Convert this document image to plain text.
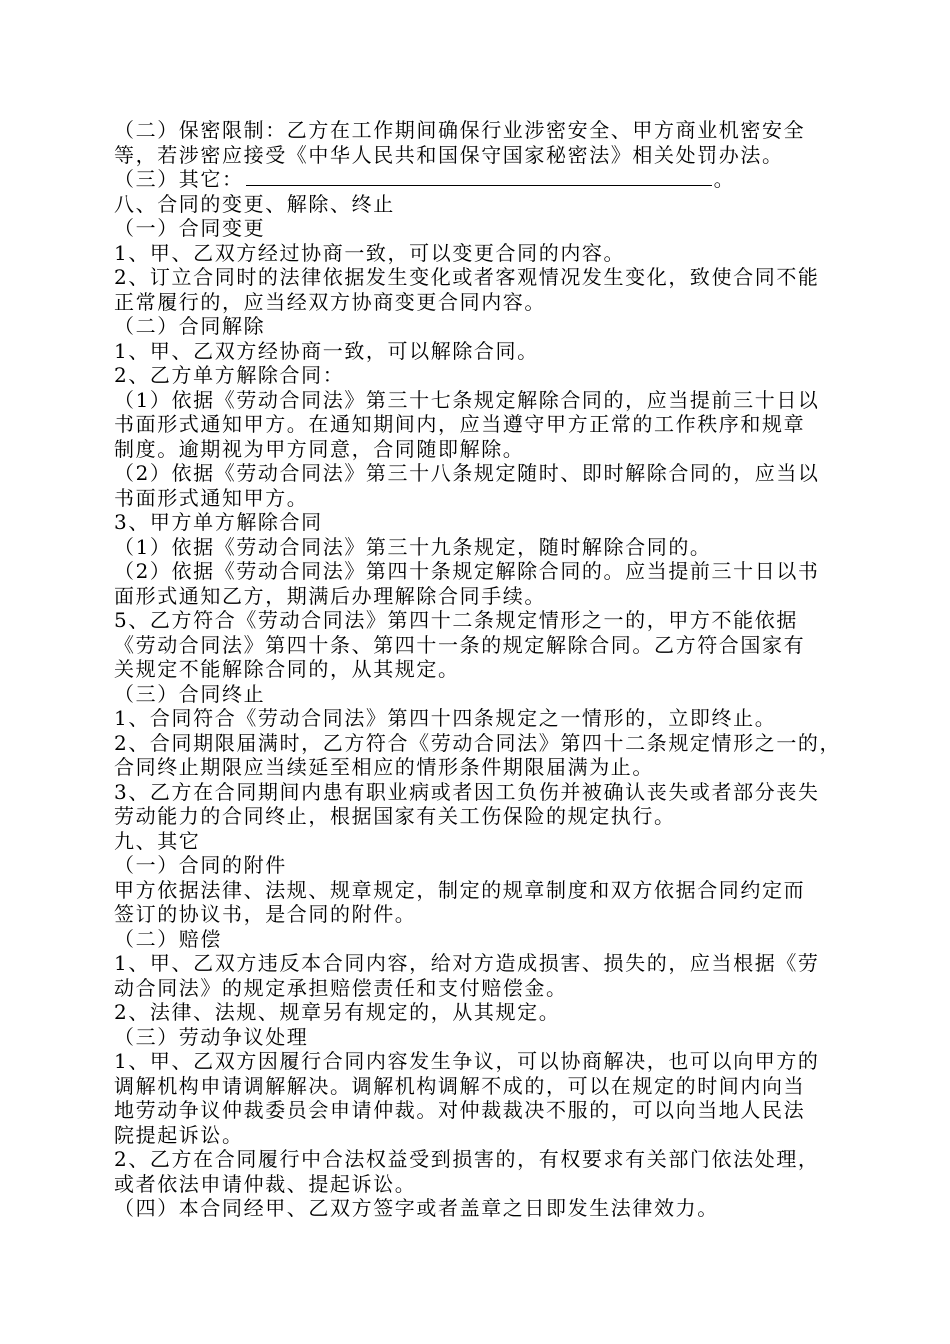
（二）保密限制：乙方在工作期间确保行业涉密安全、甲方商业机密安全
等，若涉密应接受《中华人民共和国保守国家秘密法》相关处罚办法。
（三）其它：	。
八、合同的变更、解除、终止
（一）合同变更
1、甲、乙双方经过协商一致，可以变更合同的内容。
2、订立合同时的法律依据发生变化或者客观情况发生变化，致使合同不能
正常履行的，应当经双方协商变更合同内容。
（二）合同解除
1、甲、乙双方经协商一致，可以解除合同。
2、乙方单方解除合同：
（1）依据《劳动合同法》第三十七条规定解除合同的，应当提前三十日以
书面形式通知甲方。在通知期间内，应当遵守甲方正常的工作秩序和规章
制度。逾期视为甲方同意，合同随即解除。
（2）依据《劳动合同法》第三十八条规定随时、即时解除合同的，应当以
书面形式通知甲方。
3、甲方单方解除合同
（1）依据《劳动合同法》第三十九条规定，随时解除合同的。
（2）依据《劳动合同法》第四十条规定解除合同的。应当提前三十日以书
面形式通知乙方，期满后办理解除合同手续。
5、乙方符合《劳动合同法》第四十二条规定情形之一的，甲方不能依据
《劳动合同法》第四十条、第四十一条的规定解除合同。乙方符合国家有
关规定不能解除合同的，从其规定。
（三）合同终止
1、合同符合《劳动合同法》第四十四条规定之一情形的，立即终止。
2、合同期限届满时，乙方符合《劳动合同法》第四十二条规定情形之一的，
合同终止期限应当续延至相应的情形条件期限届满为止。
3、乙方在合同期间内患有职业病或者因工负伤并被确认丧失或者部分丧失
劳动能力的合同终止，根据国家有关工伤保险的规定执行。
九、其它
（一）合同的附件
甲方依据法律、法规、规章规定，制定的规章制度和双方依据合同约定而
签订的协议书，是合同的附件。
（二）赔偿
1、甲、乙双方违反本合同内容，给对方造成损害、损失的，应当根据《劳
动合同法》的规定承担赔偿责任和支付赔偿金。
2、法律、法规、规章另有规定的，从其规定。
（三）劳动争议处理
1、甲、乙双方因履行合同内容发生争议，可以协商解决，也可以向甲方的
调解机构申请调解解决。调解机构调解不成的，可以在规定的时间内向当
地劳动争议仲裁委员会申请仲裁。对仲裁裁决不服的，可以向当地人民法
院提起诉讼。
2、乙方在合同履行中合法权益受到损害的，有权要求有关部门依法处理，
或者依法申请仲裁、提起诉讼。
（四）本合同经甲、乙双方签字或者盖章之日即发生法律效力。
